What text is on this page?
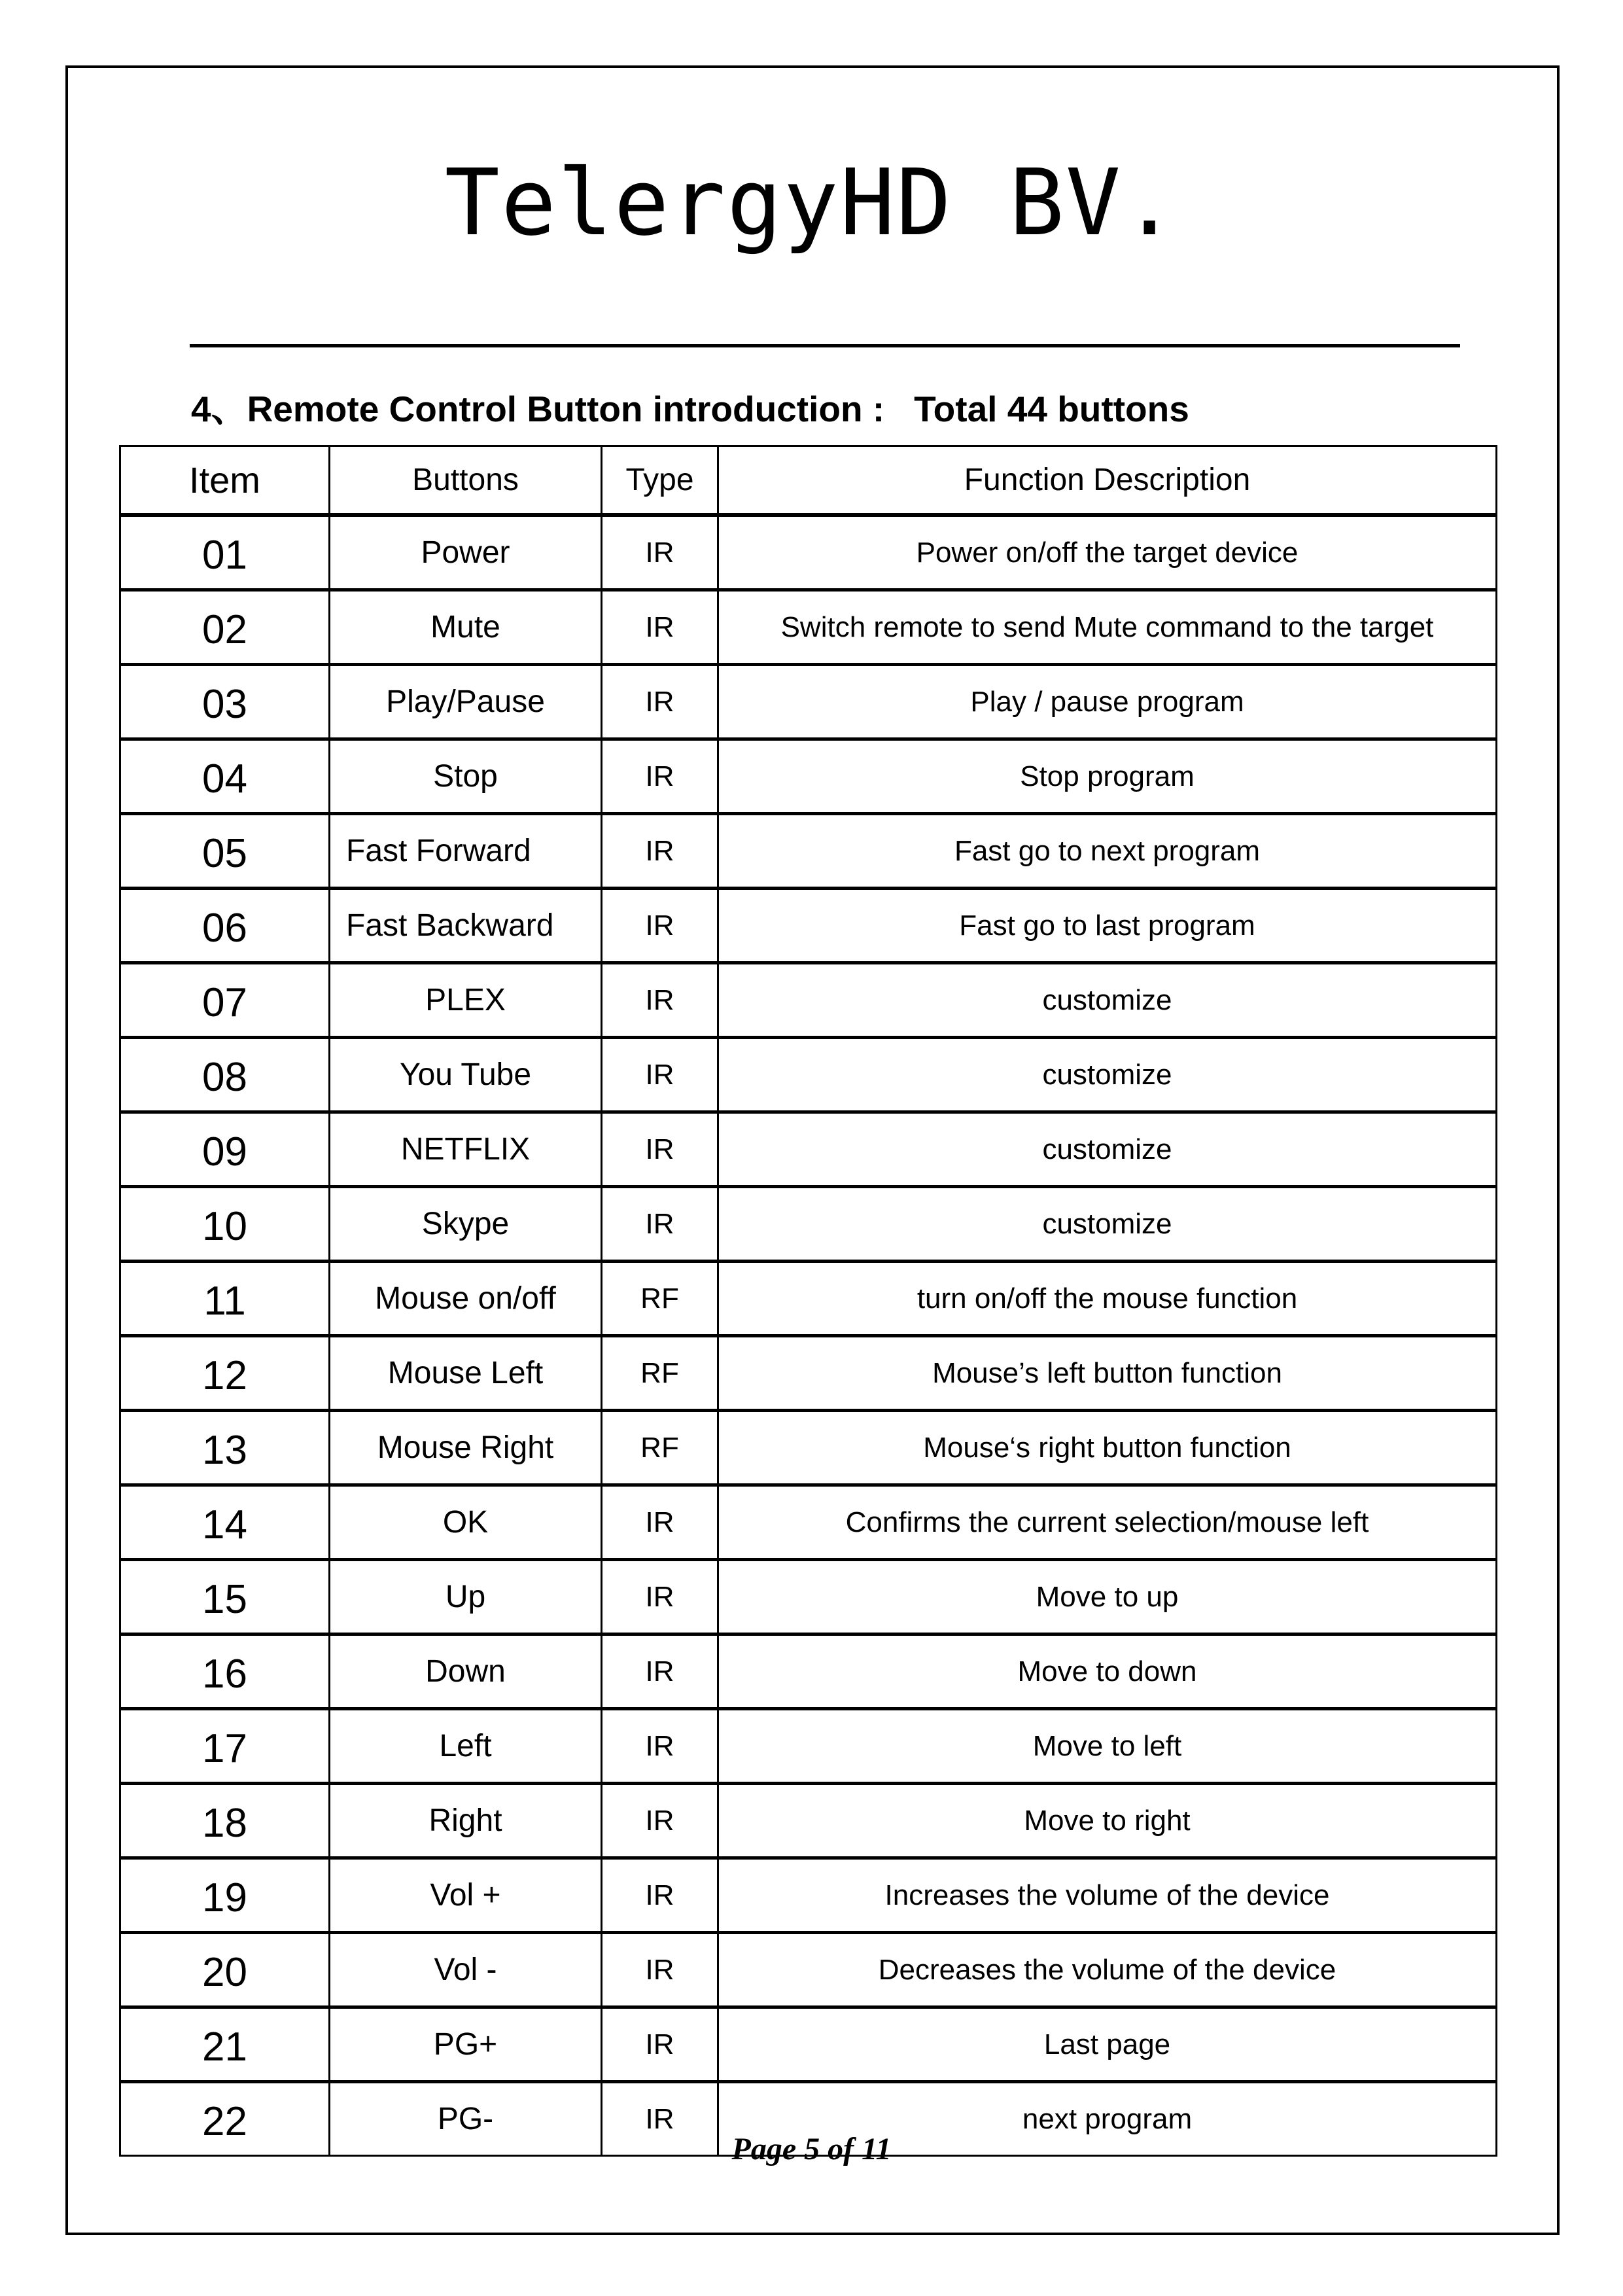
TelergyHD BV.
4、Remote Control Button introduction : Total 44 buttons
Item	Buttons	Type	Function Description
01	Power	IR	Power on/off the target device
02	Mute	IR	Switch remote to send Mute command to the target
03	Play/Pause	IR	Play / pause program
04	Stop	IR	Stop program
05	Fast Forward	IR	Fast go to next program
06	Fast Backward	IR	Fast go to last program
07	PLEX	IR	customize
08	You Tube	IR	customize
09	NETFLIX	IR	customize
10	Skype	IR	customize
11	Mouse on/off	RF	turn on/off the mouse function
12	Mouse Left	RF	Mouse’s left button function
13	Mouse Right	RF	Mouse‘s right button function
14	OK	IR	Confirms the current selection/mouse left
15	Up	IR	Move to up
16	Down	IR	Move to down
17	Left	IR	Move to left
18	Right	IR	Move to right
19	Vol +	IR	Increases the volume of the device
20	Vol -	IR	Decreases the volume of the device
21	PG+	IR	Last page
22	PG-	IR	next program
Page 5 of 11
